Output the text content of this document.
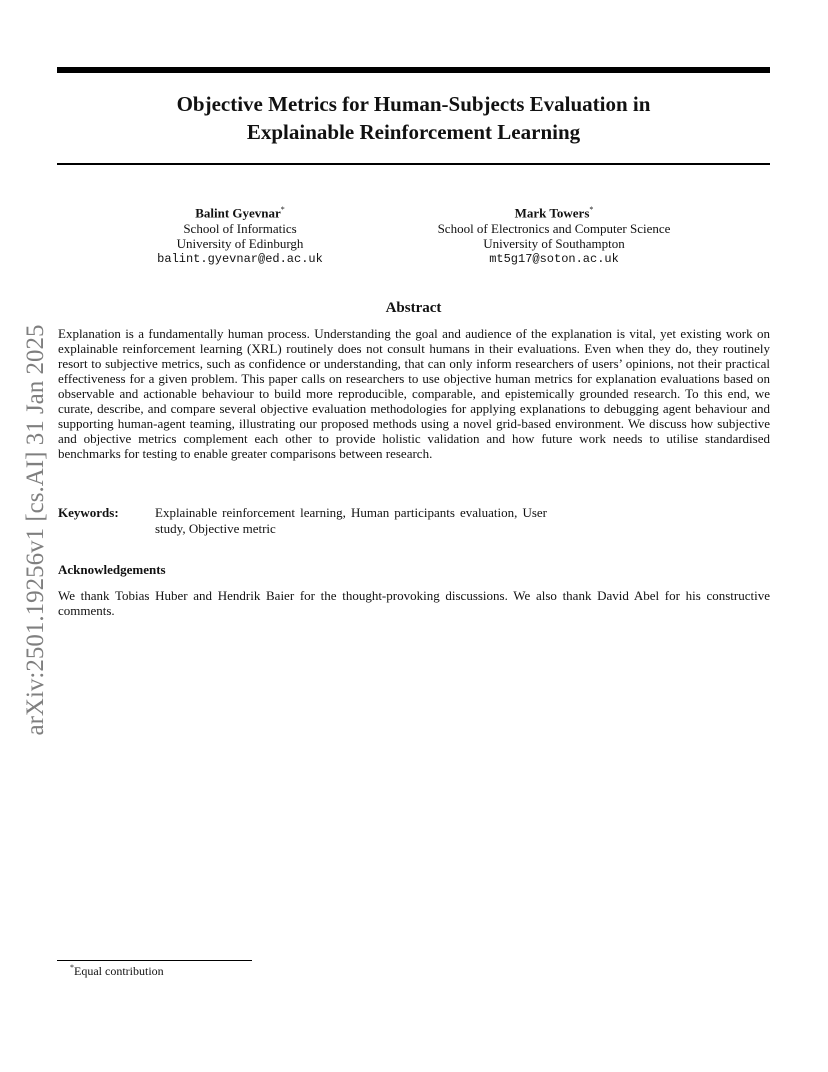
arXiv:2501.19256v1 [cs.AI] 31 Jan 2025
Objective Metrics for Human-Subjects Evaluation in
Explainable Reinforcement Learning
Balint Gyevnar*
School of Informatics
University of Edinburgh
balint.gyevnar@ed.ac.uk
Mark Towers*
School of Electronics and Computer Science
University of Southampton
mt5g17@soton.ac.uk
Abstract

Explanation is a fundamentally human process. Understanding the goal and audience of the explanation is vital, yet existing work on explainable reinforcement learning (XRL) routinely does not consult humans in their evaluations. Even when they do, they routinely resort to subjective metrics, such as confidence or understanding, that can only inform researchers of users’ opinions, not their practical effectiveness for a given problem. This paper calls on researchers to use objective human metrics for explanation evaluations based on observable and actionable behaviour to build more reproducible, comparable, and epistemically grounded research. To this end, we curate, describe, and compare several objective evaluation methodologies for applying explanations to debugging agent behaviour and supporting human-agent teaming, illustrating our proposed methods using a novel grid-based environment. We discuss how subjective and objective metrics complement each other to provide holistic validation and how future work needs to utilise standardised benchmarks for testing to enable greater comparisons between research.

Keywords:	Explainable reinforcement learning, Human participants evaluation, User study, Objective metric
Acknowledgements

We thank Tobias Huber and Hendrik Baier for the thought-provoking discussions. We also thank David Abel for his constructive comments.

*Equal contribution
